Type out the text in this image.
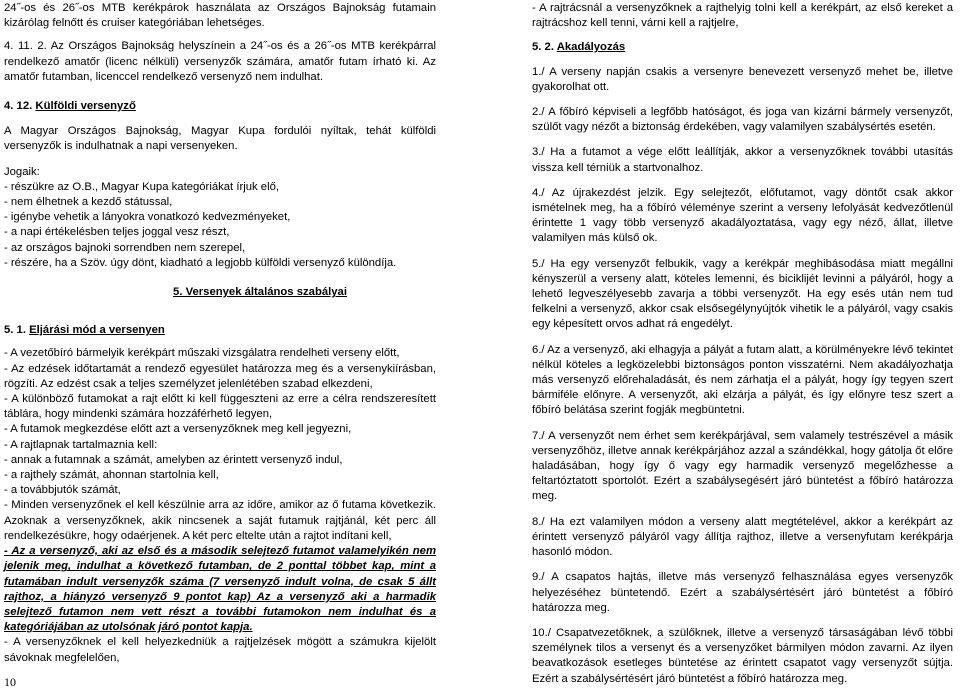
24˝-os és 26˝-os MTB kerékpárok használata az Országos Bajnokság futamain kizárólag felnőtt és cruiser kategóriában lehetséges.

4. 11. 2. Az Országos Bajnokság helyszínein a 24˝-os és a 26˝-os MTB kerékpárral rendelkező amatőr (licenc nélküli) versenyzők számára, amatőr futam írható ki. Az amatőr futamban, licenccel rendelkező versenyző nem indulhat.

4. 12. Külföldi versenyző

A Magyar Országos Bajnokság, Magyar Kupa fordulói nyíltak, tehát külföldi versenyzők is indulhatnak a napi versenyeken.

Jogaik:

- részükre az O.B., Magyar Kupa kategóriákat írjuk elő,

- nem élhetnek a kezdő státussal,

- igénybe vehetik a lányokra vonatkozó kedvezményeket,

- a napi értékelésben teljes joggal vesz részt,

- az országos bajnoki sorrendben nem szerepel,

- részére, ha a Szöv. úgy dönt, kiadható a legjobb külföldi versenyző különdíja.

5. Versenyek általános szabályai

5. 1. Eljárási mód a versenyen

- A vezetőbíró bármelyik kerékpárt műszaki vizsgálatra rendelheti verseny előtt,

- Az edzések időtartamát a rendező egyesület határozza meg és a versenykiírásban, rögzíti. Az edzést csak a teljes személyzet jelenlétében szabad elkezdeni,

- A különböző futamokat a rajt előtt ki kell függeszteni az erre a célra rendszeresített táblára, hogy mindenki számára hozzáférhető legyen,

- A futamok megkezdése előtt azt a versenyzőknek meg kell jegyezni,

- A rajtlapnak tartalmaznia kell:

- annak a futamnak a számát, amelyben az érintett versenyző indul,

- a rajthely számát, ahonnan startolnia kell,

- a továbbjutók számát,

- Minden versenyzőnek el kell készülnie arra az időre, amikor az ő futama következik. Azoknak a versenyzőknek, akik nincsenek a saját futamuk rajtjánál, két perc áll rendelkezésükre, hogy odaérjenek. A két perc eltelte után a rajtot indítani kell,

- Az a versenyző, aki az első és a második selejtező futamot valamelyikén nem jelenik meg, indulhat a következő futamban, de 2 ponttal többet kap, mint a futamában indult versenyzők száma (7 versenyző indult volna, de csak 5 állt rajthoz, a hiányzó versenyző 9 pontot kap) Az a versenyző aki a harmadik selejtező futamon nem vett részt a további futamokon nem indulhat és a kategóriájában az utolsónak járó pontot kapja.

- A versenyzőknek el kell helyezkedniük a rajtjelzések mögött a számukra kijelölt sávoknak megfelelően,

- A rajtrácsnál a versenyzőknek a rajthelyig tolni kell a kerékpárt, az első kereket a rajtrácshoz kell tenni, várni kell a rajtjelre,

5. 2. Akadályozás

1./ A verseny napján csakis a versenyre benevezett versenyző mehet be, illetve gyakorolhat ott.

2./ A főbíró képviseli a legfőbb hatóságot, és joga van kizárni bármely versenyzőt, szülőt vagy nézőt a biztonság érdekében, vagy valamilyen szabálysértés esetén.

3./ Ha a futamot a vége előtt leállítják, akkor a versenyzőknek további utasítás vissza kell térniük a startvonalhoz.

4./ Az újrakezdést jelzik. Egy selejtezőt, előfutamot, vagy döntőt csak akkor ismételnek meg, ha a főbíró véleménye szerint a verseny lefolyását kedvezőtlenül érintette 1 vagy több versenyző akadályoztatása, vagy egy néző, állat, illetve valamilyen más külső ok.

5./ Ha egy versenyzőt felbukik, vagy a kerékpár meghibásodása miatt megállni kényszerül a verseny alatt, köteles lemenni, és biciklijét levinni a pályáról, hogy a lehető legveszélyesebb zavarja a többi versenyzőt. Ha egy esés után nem tud felkelni a versenyző, akkor csak elsősegélynyújtók vihetik le a pályáról, vagy csakis egy képesített orvos adhat rá engedélyt.

6./ Az a versenyző, aki elhagyja a pályát a futam alatt, a körülményekre lévő tekintet nélkül köteles a legközelebbi biztonságos ponton visszatérni. Nem akadályozhatja más versenyző előrehaladását, és nem zárhatja el a pályát, hogy így tegyen szert bármiféle előnyre. A versenyzőt, aki elzárja a pályát, és így előnyre tesz szert a főbíró belátása szerint fogják megbüntetni.

7./ A versenyzőt nem érhet sem kerékpárjával, sem valamely testrészével a másik versenyzőhöz, illetve annak kerékpárjához azzal a szándékkal, hogy gátolja őt előre haladásában, hogy így ő vagy egy harmadik versenyző megelőzhesse a feltartóztatott sportolót. Ezért a szabálysegésért járó büntetést a főbíró határozza meg.

8./ Ha ezt valamilyen módon a verseny alatt megtételével, akkor a kerékpárt az érintett versenyző pályáról vagy állítja rajthoz, illetve a versenyfutam kerékpárja hasonló módon.

9./ A csapatos hajtás, illetve más versenyző felhasználása egyes versenyzők helyezéséhez büntetendő. Ezért a szabálysértésért járó büntetést a főbíró határozza meg.

10./ Csapatvezetőknek, a szülőknek, illetve a versenyző társaságában lévő többi személynek tilos a versenyt és a versenyzőket bármilyen módon zavarni. Az ilyen beavatkozások esetleges büntetése az érintett csapatot vagy versenyzőt sújtja. Ezért a szabálysértésért járó büntetést a főbíró határozza meg.

10
